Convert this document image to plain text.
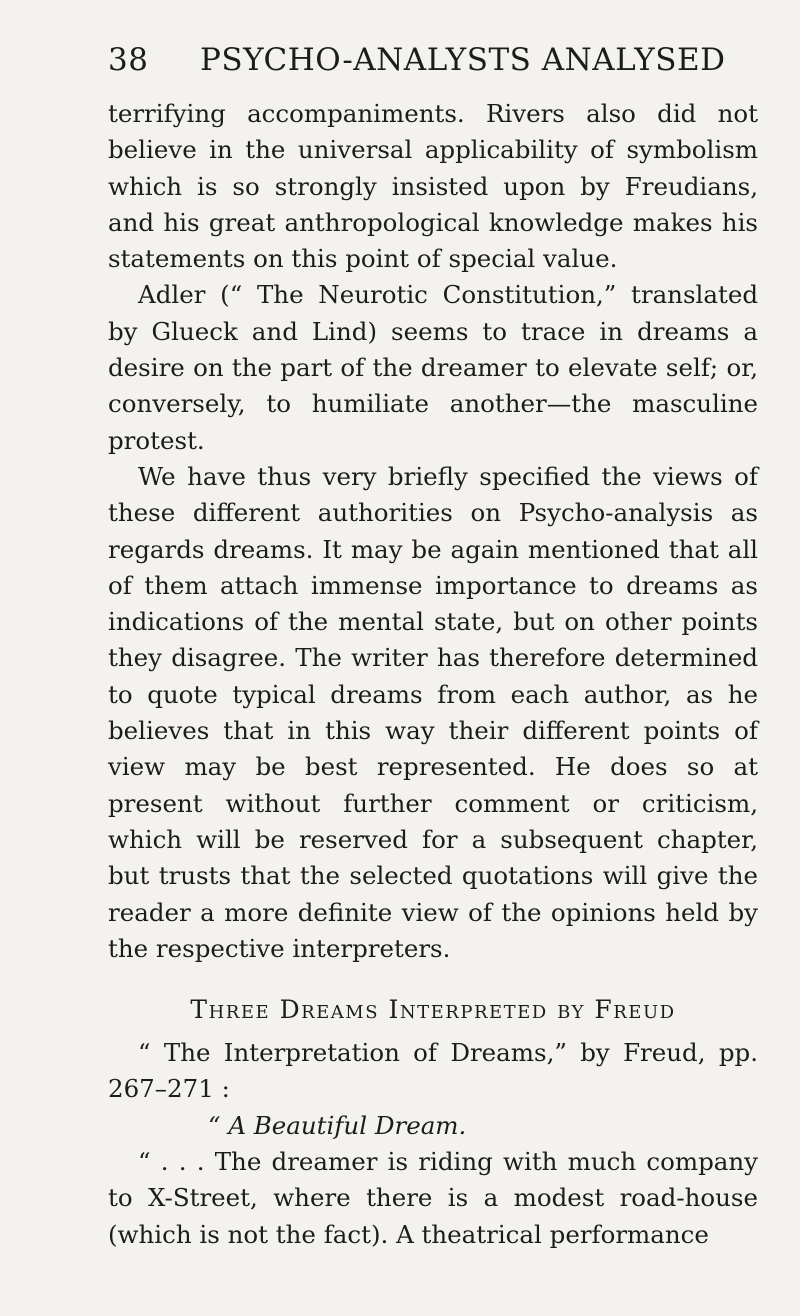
38 PSYCHO-ANALYSTS ANALYSED

terrifying accompaniments. Rivers also did not believe in the universal applicability of symbolism which is so strongly insisted upon by Freudians, and his great anthropological knowledge makes his statements on this point of special value.

Adler (“ The Neurotic Constitution,” translated by Glueck and Lind) seems to trace in dreams a desire on the part of the dreamer to elevate self; or, conversely, to humiliate another—the masculine protest.

We have thus very briefly specified the views of these different authorities on Psycho-analysis as regards dreams. It may be again mentioned that all of them attach immense importance to dreams as indications of the mental state, but on other points they disagree. The writer has therefore determined to quote typical dreams from each author, as he believes that in this way their different points of view may be best represented. He does so at present without further comment or criticism, which will be reserved for a subsequent chapter, but trusts that the selected quotations will give the reader a more definite view of the opinions held by the respective interpreters.

Three Dreams Interpreted by Freud

“ The Interpretation of Dreams,” by Freud, pp. 267–271 :

“ A Beautiful Dream.

“ . . . The dreamer is riding with much company to X-Street, where there is a modest road-house (which is not the fact). A theatrical performance
